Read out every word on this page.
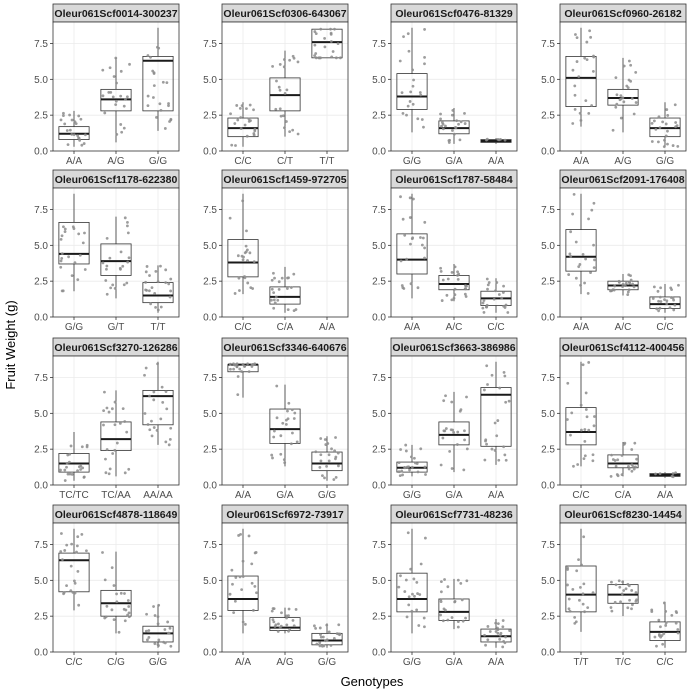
Fruit Weight (g)
Genotypes
Oleur061Scf0014-300237
A/A	A/G G/G
0.0
2.5
5.0
7.5
Oleur061Scf0306-643067
C/C	C/T	T/T
0.0
2.5
5.0
7.5
Oleur061Scf0476-81329
G/G G/A	A/A
0.0
2.5
5.0
7.5
Oleur061Scf0960-26182
A/A	A/G G/G
0.0
2.5
5.0
7.5
Oleur061Scf1178-622380
G/G G/T	T/T
0.0
2.5
5.0
7.5
Oleur061Scf1459-972705
C/C	C/A	A/A
0.0
2.5
5.0
7.5
Oleur061Scf1787-58484
A/A	A/C	C/C
0.0
2.5
5.0
7.5
Oleur061Scf2091-176408
A/A	A/C	C/C
0.0
2.5
5.0
7.5
Oleur061Scf3270-126286
TC/TC TC/AA AA/AA
0.0
2.5
5.0
7.5
Oleur061Scf3346-640676
A/A	G/A G/G
0.0
2.5
5.0
7.5
Oleur061Scf3663-386986
G/G G/A	A/A
0.0
2.5
5.0
7.5
Oleur061Scf4112-400456
C/C	C/A	A/A
0.0
2.5
5.0
7.5
Oleur061Scf4878-118649
C/C C/G G/G
0.0
2.5
5.0
7.5
Oleur061Scf6972-73917
A/A	A/G G/G
0.0
2.5
5.0
7.5
Oleur061Scf7731-48236
G/G G/A	A/A
0.0
2.5
5.0
7.5
Oleur061Scf8230-14454
T/T	T/C	C/C
0.0
2.5
5.0
7.5
